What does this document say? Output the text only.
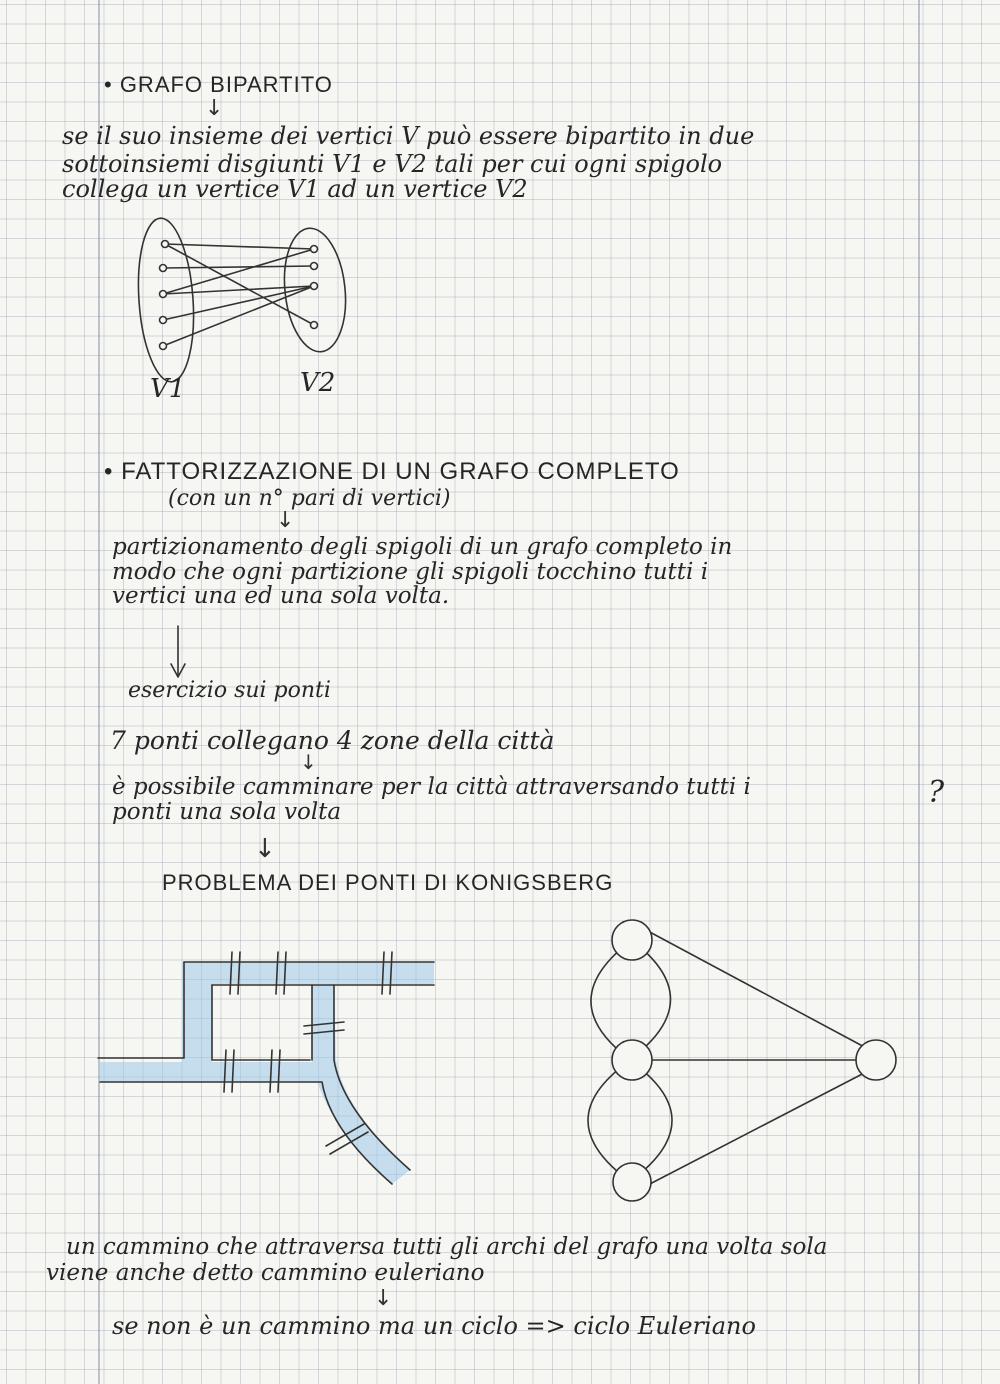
• GRAFO BIPARTITO
↓
se il suo insieme dei vertici V può essere bipartito in due
sottoinsiemi disgiunti V1 e V2 tali per cui ogni spigolo
collega un vertice V1 ad un vertice V2
V1	V2
• FATTORIZZAZIONE DI UN GRAFO COMPLETO
(con un n° pari di vertici)
↓
partizionamento degli spigoli di un grafo completo in
modo che ogni partizione gli spigoli tocchino tutti i
vertici una ed una sola volta.
esercizio sui ponti
7 ponti collegano 4 zone della città
↓
è possibile camminare per la città attraversando tutti i
ponti una sola volta
?
↓
PROBLEMA DEI PONTI DI KONIGSBERG
un cammino che attraversa tutti gli archi del grafo una volta sola
viene anche detto cammino euleriano
↓
se non è un cammino ma un ciclo => ciclo Euleriano
